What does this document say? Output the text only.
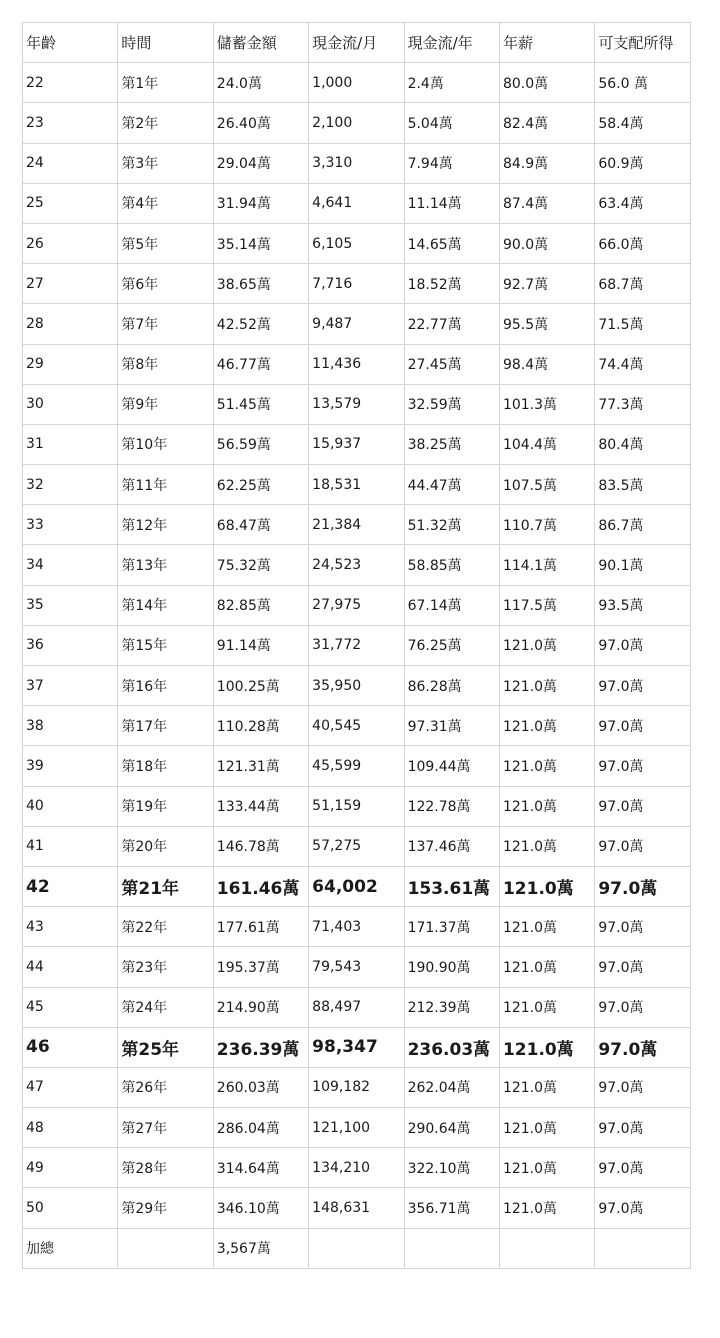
年齡	時間	儲蓄金額	現金流/月	現金流/年	年薪	可支配所得
22	第1年	24.0萬	1,000	2.4萬	80.0萬	56.0 萬
23	第2年	26.40萬	2,100	5.04萬	82.4萬	58.4萬
24	第3年	29.04萬	3,310	7.94萬	84.9萬	60.9萬
25	第4年	31.94萬	4,641	11.14萬	87.4萬	63.4萬
26	第5年	35.14萬	6,105	14.65萬	90.0萬	66.0萬
27	第6年	38.65萬	7,716	18.52萬	92.7萬	68.7萬
28	第7年	42.52萬	9,487	22.77萬	95.5萬	71.5萬
29	第8年	46.77萬	11,436	27.45萬	98.4萬	74.4萬
30	第9年	51.45萬	13,579	32.59萬	101.3萬	77.3萬
31	第10年	56.59萬	15,937	38.25萬	104.4萬	80.4萬
32	第11年	62.25萬	18,531	44.47萬	107.5萬	83.5萬
33	第12年	68.47萬	21,384	51.32萬	110.7萬	86.7萬
34	第13年	75.32萬	24,523	58.85萬	114.1萬	90.1萬
35	第14年	82.85萬	27,975	67.14萬	117.5萬	93.5萬
36	第15年	91.14萬	31,772	76.25萬	121.0萬	97.0萬
37	第16年	100.25萬	35,950	86.28萬	121.0萬	97.0萬
38	第17年	110.28萬	40,545	97.31萬	121.0萬	97.0萬
39	第18年	121.31萬	45,599	109.44萬	121.0萬	97.0萬
40	第19年	133.44萬	51,159	122.78萬	121.0萬	97.0萬
41	第20年	146.78萬	57,275	137.46萬	121.0萬	97.0萬
42	第21年	161.46萬	64,002	153.61萬	121.0萬	97.0萬
43	第22年	177.61萬	71,403	171.37萬	121.0萬	97.0萬
44	第23年	195.37萬	79,543	190.90萬	121.0萬	97.0萬
45	第24年	214.90萬	88,497	212.39萬	121.0萬	97.0萬
46	第25年	236.39萬	98,347	236.03萬	121.0萬	97.0萬
47	第26年	260.03萬	109,182	262.04萬	121.0萬	97.0萬
48	第27年	286.04萬	121,100	290.64萬	121.0萬	97.0萬
49	第28年	314.64萬	134,210	322.10萬	121.0萬	97.0萬
50	第29年	346.10萬	148,631	356.71萬	121.0萬	97.0萬
加總		3,567萬				
